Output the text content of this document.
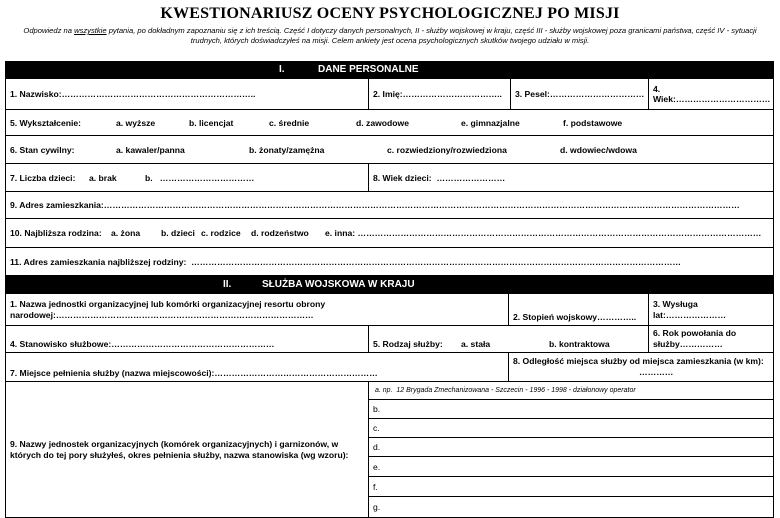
KWESTIONARIUSZ OCENY PSYCHOLOGICZNEJ PO MISJI
Odpowiedz na wszystkie pytania, po dokładnym zapoznaniu się z ich treścią. Część I dotyczy danych personalnych, II - służby wojskowej w kraju, część III - służby wojskowej poza granicami państwa, część IV - sytuacji trudnych, których doświadczyłeś na misji. Celem ankiety jest ocena psychologicznych skutków twojego udziału w misji.
I.	DANE PERSONALNE
1. Nazwisko:…………………………………………………………..	2. Imię:…………………………….. 3. Pesel:…………………………… 4.
Wiek:……………………………
5. Wykształcenie:	a. wyższe	b. licencjat	c. średnie	d. zawodowe	e. gimnazjalne	f. podstawowe
6. Stan cywilny:	a. kawaler/panna	b. żonaty/zamężna	c. rozwiedziony/rozwiedziona	d. wdowiec/wdowa
7. Liczba dzieci: a. brak	b.   ……………………………	8. Wiek dzieci:  ……………………
9. Adres zamieszkania:……………………………………………………………………………………………………………………………………………………………………………………………………
10. Najbliższa rodzina: a. żona b. dzieci c. rodzice d. rodzeństwo e. inna: ……………………………………………………………………………………………………………………………
11. Adres zamieszkania najbliższej rodziny:  ………………………………………………………………………………………………………………………………………………………
II.	SŁUŻBA WOJSKOWA W KRAJU
1. Nazwa jednostki organizacyjnej lub komórki organizacyjnej resortu obrony
narodowej:………………………………………………………………………………	2. Stopień wojskowy…………..
3. Wysługa
lat:…………………
4. Stanowisko służbowe:…………………………………………………	5. Rodzaj służby: a. stała	b. kontraktowa
6. Rok powołania do
służby……………
7. Miejsce pełnienia służby (nazwa miejscowości):…………………………………………………
8. Odległość miejsca służby od miejsca zamieszkania (w km):
…………
9. Nazwy jednostek organizacyjnych (komórek organizacyjnych) i garnizonów, w których do tej pory służyłeś, okres pełnienia służby, nazwa stanowiska (wg wzoru):
a. np.  12 Brygada Zmechanizowana - Szczecin - 1996 - 1998 - działonowy operator
b.
c.
d.
e.
f.
g.
